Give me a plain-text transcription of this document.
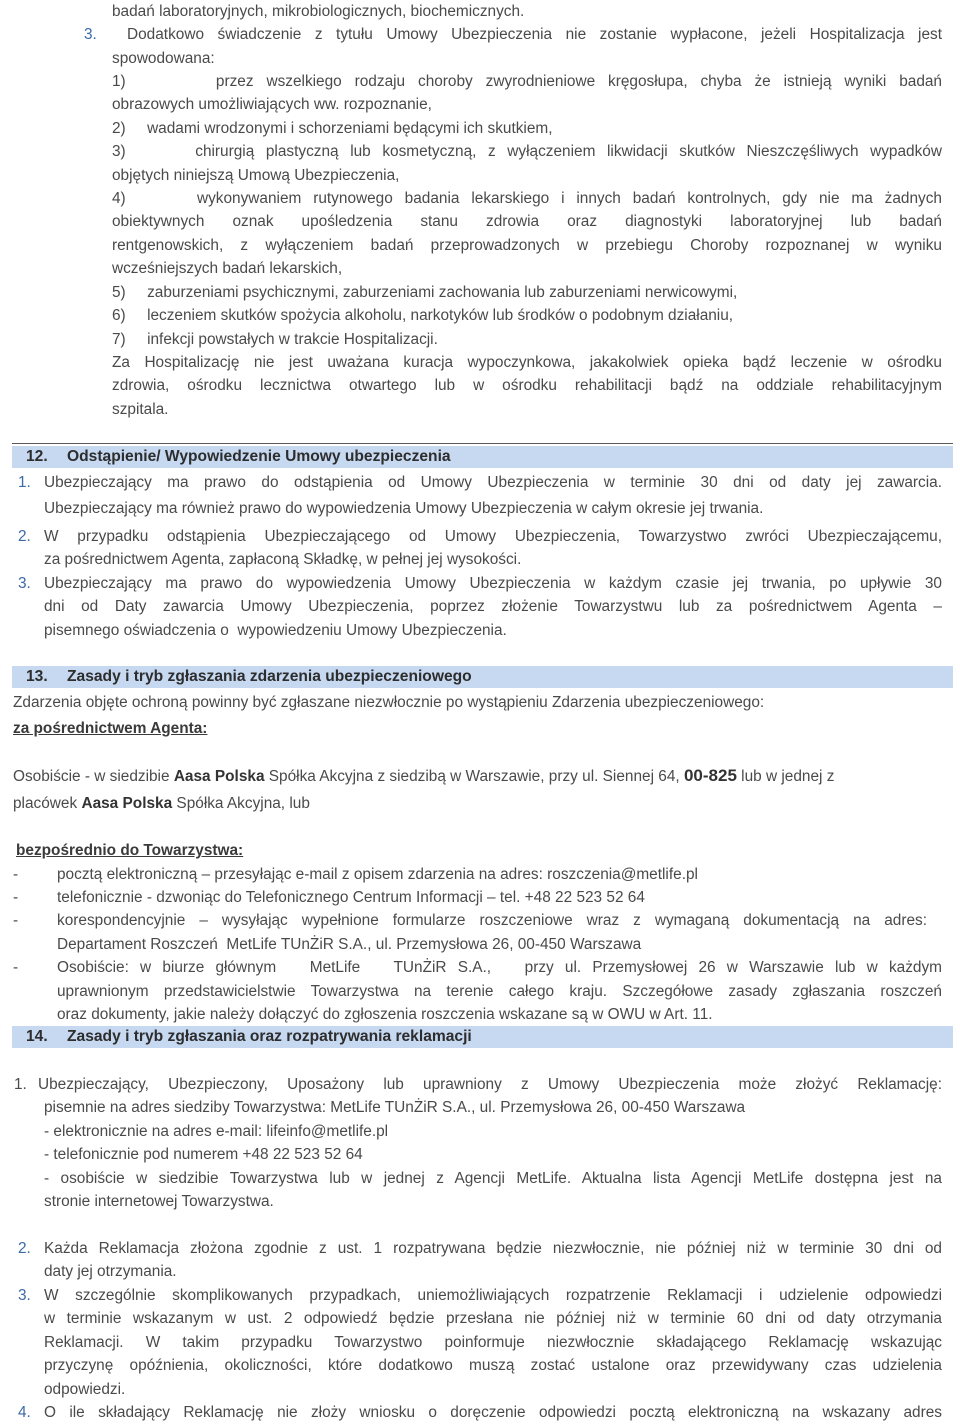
badań laboratoryjnych, mikrobiologicznych, biochemicznych.
3. Dodatkowo świadczenie z tytułu Umowy Ubezpieczenia nie zostanie wypłacone, jeżeli Hospitalizacja jest
spowodowana:
1)       przez wszelkiego rodzaju choroby zwyrodnieniowe kręgosłupa, chyba że istnieją wyniki badań
obrazowych umożliwiających ww. rozpoznanie,
2)     wadami wrodzonymi i schorzeniami będącymi ich skutkiem,
3)      chirurgią plastyczną lub kosmetyczną, z wyłączeniem likwidacji skutków Nieszczęśliwych wypadków
objętych niniejszą Umową Ubezpieczenia,
4)      wykonywaniem rutynowego badania lekarskiego i innych badań kontrolnych, gdy nie ma żadnych
obiektywnych oznak upośledzenia stanu zdrowia oraz diagnostyki laboratoryjnej lub badań
rentgenowskich, z wyłączeniem badań przeprowadzonych w przebiegu Choroby rozpoznanej w wyniku
wcześniejszych badań lekarskich,
5)     zaburzeniami psychicznymi, zaburzeniami zachowania lub zaburzeniami nerwicowymi,
6)     leczeniem skutków spożycia alkoholu, narkotyków lub środków o podobnym działaniu,
7)     infekcji powstałych w trakcie Hospitalizacji.
Za Hospitalizację nie jest uważana kuracja wypoczynkowa, jakakolwiek opieka bądź leczenie w ośrodku
zdrowia, ośrodku lecznictwa otwartego lub w ośrodku rehabilitacji bądź na oddziale rehabilitacyjnym
szpitala.
12. Odstąpienie/ Wypowiedzenie Umowy ubezpieczenia
1. Ubezpieczający ma prawo do odstąpienia od Umowy Ubezpieczenia w terminie 30 dni od daty jej zawarcia.
Ubezpieczający ma również prawo do wypowiedzenia Umowy Ubezpieczenia w całym okresie jej trwania.
2. W przypadku odstąpienia Ubezpieczającego od Umowy Ubezpieczenia, Towarzystwo zwróci Ubezpieczającemu,
za pośrednictwem Agenta, zapłaconą Składkę, w pełnej jej wysokości.
3. Ubezpieczający ma prawo do wypowiedzenia Umowy Ubezpieczenia w każdym czasie jej trwania, po upływie 30
dni od Daty zawarcia Umowy Ubezpieczenia, poprzez złożenie Towarzystwu lub za pośrednictwem Agenta –
pisemnego oświadczenia o  wypowiedzeniu Umowy Ubezpieczenia.
13. Zasady i tryb zgłaszania zdarzenia ubezpieczeniowego
Zdarzenia objęte ochroną powinny być zgłaszane niezwłocznie po wystąpieniu Zdarzenia ubezpieczeniowego:
za pośrednictwem Agenta:
Osobiście - w siedzibie Aasa Polska Spółka Akcyjna z siedzibą w Warszawie, przy ul. Siennej 64, 00-825 lub w jednej z
placówek Aasa Polska Spółka Akcyjna, lub
bezpośrednio do Towarzystwa:
-	pocztą elektroniczną – przesyłając e-mail z opisem zdarzenia na adres: roszczenia@metlife.pl
-	telefonicznie - dzwoniąc do Telefonicznego Centrum Informacji – tel. +48 22 523 52 64
-	korespondencyjnie – wysyłając wypełnione formularze roszczeniowe wraz z wymaganą dokumentacją na adres:
Departament Roszczeń  MetLife TUnŻiR S.A., ul. Przemysłowa 26, 00-450 Warszawa
-	Osobiście: w biurze głównym   MetLife   TUnŻiR S.A.,   przy ul. Przemysłowej 26 w Warszawie lub w każdym
uprawnionym przedstawicielstwie Towarzystwa na terenie całego kraju. Szczegółowe zasady zgłaszania roszczeń
oraz dokumenty, jakie należy dołączyć do zgłoszenia roszczenia wskazane są w OWU w Art. 11.
14. Zasady i tryb zgłaszania oraz rozpatrywania reklamacji
1. Ubezpieczający, Ubezpieczony, Uposażony lub uprawniony z Umowy Ubezpieczenia może złożyć Reklamację:
pisemnie na adres siedziby Towarzystwa: MetLife TUnŻiR S.A., ul. Przemysłowa 26, 00-450 Warszawa
- elektronicznie na adres e-mail: lifeinfo@metlife.pl
- telefonicznie pod numerem +48 22 523 52 64
- osobiście w siedzibie Towarzystwa lub w jednej z Agencji MetLife. Aktualna lista Agencji MetLife dostępna jest na
stronie internetowej Towarzystwa.
2. Każda Reklamacja złożona zgodnie z ust. 1 rozpatrywana będzie niezwłocznie, nie później niż w terminie 30 dni od
daty jej otrzymania.
3. W szczególnie skomplikowanych przypadkach, uniemożliwiających rozpatrzenie Reklamacji i udzielenie odpowiedzi
w terminie wskazanym w ust. 2 odpowiedź będzie przesłana nie później niż w terminie 60 dni od daty otrzymania
Reklamacji. W takim przypadku Towarzystwo poinformuje niezwłocznie składającego Reklamację wskazując
przyczynę opóźnienia, okoliczności, które dodatkowo muszą zostać ustalone oraz przewidywany czas udzielenia
odpowiedzi.
4. O ile składający Reklamację nie złoży wniosku o doręczenie odpowiedzi pocztą elektroniczną na wskazany adres
